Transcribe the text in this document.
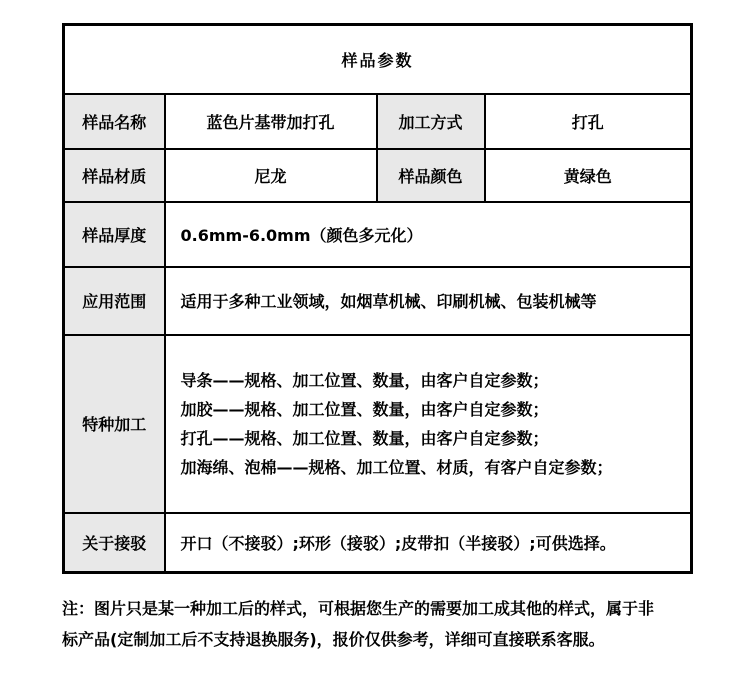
样品参数			
样品名称	蓝色片基带加打孔	加工方式	打孔
样品材质	尼龙	样品颜色	黄绿色
样品厚度	0.6mm-6.0mm（颜色多元化）		
应用范围	适用于多种工业领域，如烟草机械、印刷机械、包装机械等		
特种加工	导条——规格、加工位置、数量，由客户自定参数；
加胶——规格、加工位置、数量，由客户自定参数；
打孔——规格、加工位置、数量，由客户自定参数；
加海绵、泡棉——规格、加工位置、材质，有客户自定参数；		

关于接驳	开口（不接驳）;环形（接驳）;皮带扣（半接驳）;可供选择。		
注：图片只是某一种加工后的样式，可根据您生产的需要加工成其他的样式，属于非
标产品(定制加工后不支持退换服务)，报价仅供参考，详细可直接联系客服。
